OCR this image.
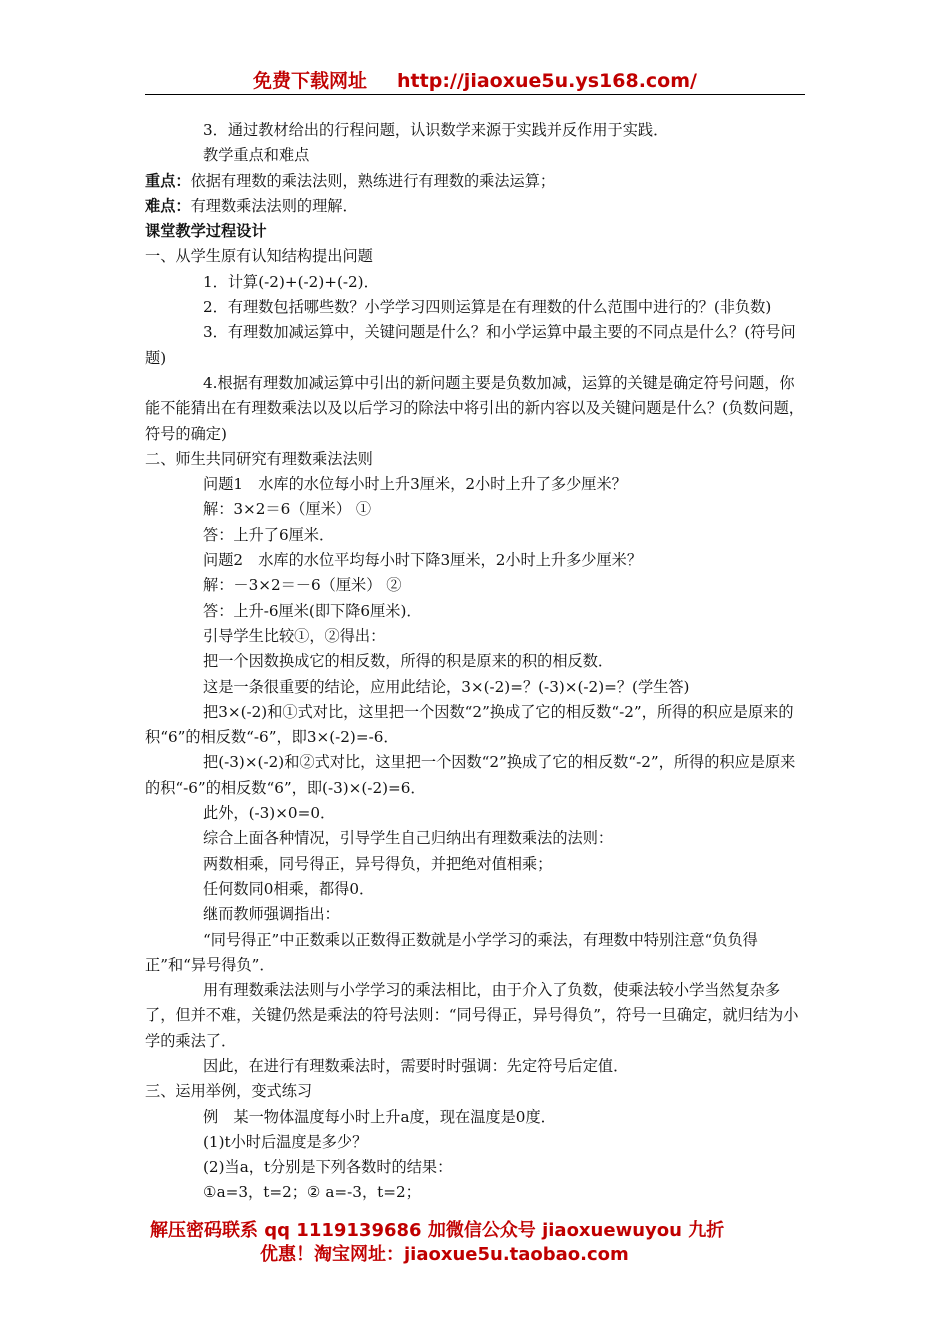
免费下载网址 http://jiaoxue5u.ys168.com/

3．通过教材给出的行程问题，认识数学来源于实践并反作用于实践．

教学重点和难点

重点：依据有理数的乘法法则，熟练进行有理数的乘法运算；

难点：有理数乘法法则的理解．

课堂教学过程设计

一、从学生原有认知结构提出问题

1．计算(-2)+(-2)+(-2)．

2．有理数包括哪些数？小学学习四则运算是在有理数的什么范围中进行的？(非负数)

3．有理数加减运算中，关键问题是什么？和小学运算中最主要的不同点是什么？(符号问题)

4.根据有理数加减运算中引出的新问题主要是负数加减，运算的关键是确定符号问题，你能不能猜出在有理数乘法以及以后学习的除法中将引出的新内容以及关键问题是什么？(负数问题，符号的确定)

二、师生共同研究有理数乘法法则

问题1　水库的水位每小时上升3厘米，2小时上升了多少厘米？

解：3×2＝6（厘米） ①

答：上升了6厘米．

问题2　水库的水位平均每小时下降3厘米，2小时上升多少厘米？

解：－3×2＝－6（厘米） ②

答：上升-6厘米(即下降6厘米)．

引导学生比较①，②得出：

把一个因数换成它的相反数，所得的积是原来的积的相反数．

这是一条很重要的结论，应用此结论，3×(-2)=？(-3)×(-2)=？(学生答)

把3×(-2)和①式对比，这里把一个因数“2”换成了它的相反数“-2”，所得的积应是原来的积“6”的相反数“-6”，即3×(-2)=-6．

把(-3)×(-2)和②式对比，这里把一个因数“2”换成了它的相反数“-2”，所得的积应是原来的积“-6”的相反数“6”，即(-3)×(-2)=6．

此外，(-3)×0=0．

综合上面各种情况，引导学生自己归纳出有理数乘法的法则：

两数相乘，同号得正，异号得负，并把绝对值相乘；

任何数同0相乘，都得0．

继而教师强调指出：

“同号得正”中正数乘以正数得正数就是小学学习的乘法，有理数中特别注意“负负得正”和“异号得负”．

用有理数乘法法则与小学学习的乘法相比，由于介入了负数，使乘法较小学当然复杂多了，但并不难，关键仍然是乘法的符号法则：“同号得正，异号得负”，符号一旦确定，就归结为小学的乘法了．

因此，在进行有理数乘法时，需要时时强调：先定符号后定值．

三、运用举例，变式练习

例　某一物体温度每小时上升a度，现在温度是0度．

(1)t小时后温度是多少？

(2)当a，t分别是下列各数时的结果：

①a=3，t=2；② a=-3，t=2；

解压密码联系 qq 1119139686 加微信公众号 jiaoxuewuyou 九折
优惠！淘宝网址：jiaoxue5u.taobao.com
